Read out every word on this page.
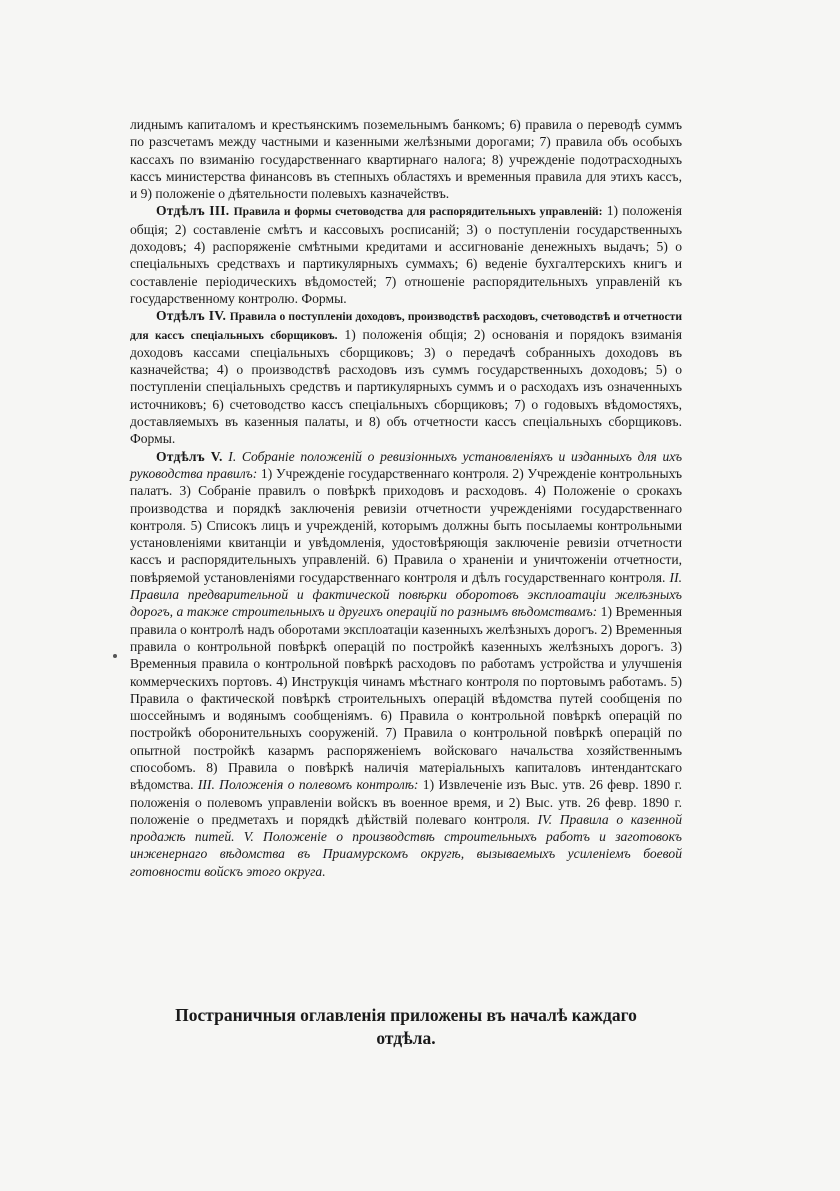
лиднымъ капиталомъ и крестьянскимъ поземельнымъ банкомъ; 6) правила о переводѣ суммъ по разсчетамъ между частными и казенными желѣзными дорогами; 7) правила объ особыхъ кассахъ по взиманію государственнаго квартирнаго налога; 8) учрежденіе подотрасходныхъ кассъ министерства финансовъ въ степныхъ областяхъ и временныя правила для этихъ кассъ, и 9) положеніе о дѣятельности полевыхъ казначействъ.

Отдѣлъ III. Правила и формы счетоводства для распорядительныхъ управленій: 1) положенія общія; 2) составленіе смѣтъ и кассовыхъ росписаній; 3) о поступленіи государственныхъ доходовъ; 4) распоряженіе смѣтными кредитами и ассигнованіе денежныхъ выдачъ; 5) о спеціальныхъ средствахъ и партикулярныхъ суммахъ; 6) веденіе бухгалтерскихъ книгъ и составленіе періодическихъ вѣдомостей; 7) отношеніе распорядительныхъ управленій къ государственному контролю. Формы.

Отдѣлъ IV. Правила о поступленіи доходовъ, производствѣ расходовъ, счетоводствѣ и отчетности для кассъ спеціальныхъ сборщиковъ. 1) положенія общія; 2) основанія и порядокъ взиманія доходовъ кассами спеціальныхъ сборщиковъ; 3) о передачѣ собранныхъ доходовъ въ казначейства; 4) о производствѣ расходовъ изъ суммъ государственныхъ доходовъ; 5) о поступленіи спеціальныхъ средствъ и партикулярныхъ суммъ и о расходахъ изъ означенныхъ источниковъ; 6) счетоводство кассъ спеціальныхъ сборщиковъ; 7) о годовыхъ вѣдомостяхъ, доставляемыхъ въ казенныя палаты, и 8) объ отчетности кассъ спеціальныхъ сборщиковъ. Формы.

Отдѣлъ V. I. Собраніе положеній о ревизіонныхъ установленіяхъ и изданныхъ для ихъ руководства правилъ: 1) Учрежденіе государственнаго контроля. 2) Учрежденіе контрольныхъ палатъ. 3) Собраніе правилъ о повѣркѣ приходовъ и расходовъ. 4) Положеніе о срокахъ производства и порядкѣ заключенія ревизіи отчетности учрежденіями государственнаго контроля. 5) Списокъ лицъ и учрежденій, которымъ должны быть посылаемы контрольными установленіями квитанціи и увѣдомленія, удостовѣряющія заключеніе ревизіи отчетности кассъ и распорядительныхъ управленій. 6) Правила о храненіи и уничтоженіи отчетности, повѣряемой установленіями государственнаго контроля и дѣлъ государственнаго контроля. II. Правила предварительной и фактической повѣрки оборотовъ эксплоатаціи желѣзныхъ дорогъ, а также строительныхъ и другихъ операцій по разнымъ вѣдомствамъ: 1) Временныя правила о контролѣ надъ оборотами эксплоатаціи казенныхъ желѣзныхъ дорогъ. 2) Временныя правила о контрольной повѣркѣ операцій по постройкѣ казенныхъ желѣзныхъ дорогъ. 3) Временныя правила о контрольной повѣркѣ расходовъ по работамъ устройства и улучшенія коммерческихъ портовъ. 4) Инструкція чинамъ мѣстнаго контроля по портовымъ работамъ. 5) Правила о фактической повѣркѣ строительныхъ операцій вѣдомства путей сообщенія по шоссейнымъ и водянымъ сообщеніямъ. 6) Правила о контрольной повѣркѣ операцій по постройкѣ оборонительныхъ сооруженій. 7) Правила о контрольной повѣркѣ операцій по опытной постройкѣ казармъ распоряженіемъ войсковаго начальства хозяйственнымъ способомъ. 8) Правила о повѣркѣ наличія матеріальныхъ капиталовъ интендантскаго вѣдомства. III. Положенія о полевомъ контролѣ: 1) Извлеченіе изъ Выс. утв. 26 февр. 1890 г. положенія о полевомъ управленіи войскъ въ военное время, и 2) Выс. утв. 26 февр. 1890 г. положеніе о предметахъ и порядкѣ дѣйствій полеваго контроля. IV. Правила о казенной продажѣ питей. V. Положеніе о производствѣ строительныхъ работъ и заготовокъ инженернаго вѣдомства въ Приамурскомъ округѣ, вызываемыхъ усиленіемъ боевой готовности войскъ этого округа.

Постраничныя оглавленія приложены въ началѣ каждаго
отдѣла.
